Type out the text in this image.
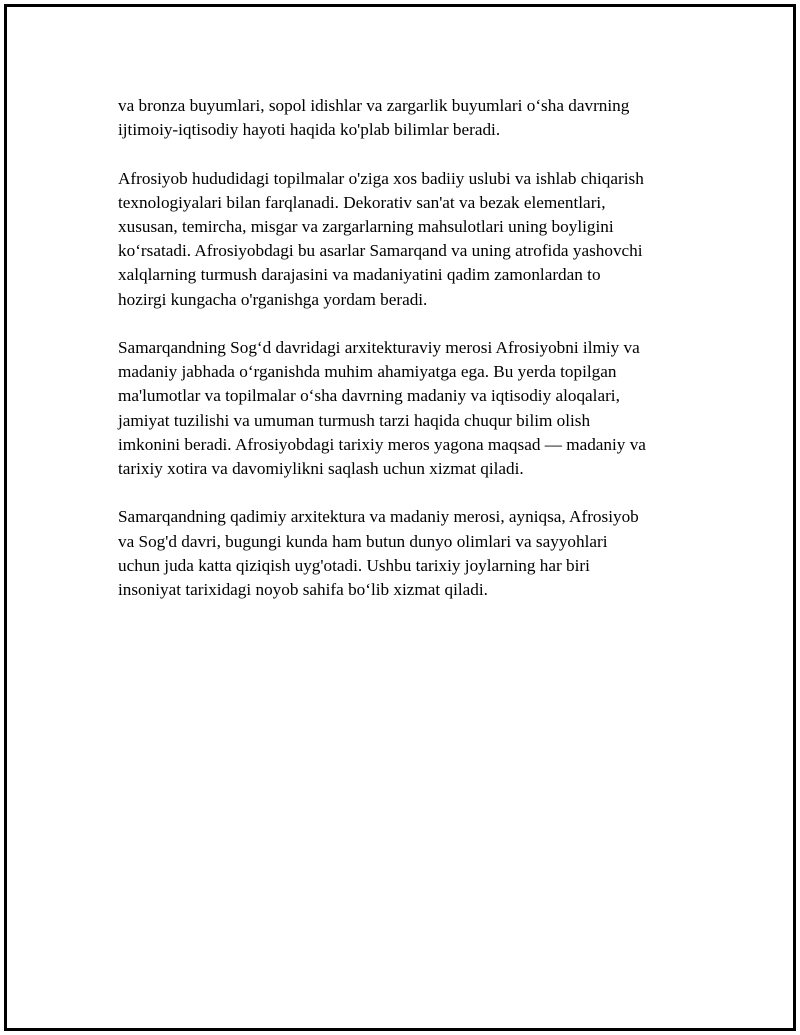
va bronza buyumlari, sopol idishlar va zargarlik buyumlari o‘sha davrning
ijtimoiy-iqtisodiy hayoti haqida ko'plab bilimlar beradi.

Afrosiyob hududidagi topilmalar o'ziga xos badiiy uslubi va ishlab chiqarish
texnologiyalari bilan farqlanadi. Dekorativ san'at va bezak elementlari,
xususan, temircha, misgar va zargarlarning mahsulotlari uning boyligini
ko‘rsatadi. Afrosiyobdagi bu asarlar Samarqand va uning atrofida yashovchi
xalqlarning turmush darajasini va madaniyatini qadim zamonlardan to
hozirgi kungacha o'rganishga yordam beradi.

Samarqandning Sog‘d davridagi arxitekturaviy merosi Afrosiyobni ilmiy va
madaniy jabhada o‘rganishda muhim ahamiyatga ega. Bu yerda topilgan
ma'lumotlar va topilmalar o‘sha davrning madaniy va iqtisodiy aloqalari,
jamiyat tuzilishi va umuman turmush tarzi haqida chuqur bilim olish
imkonini beradi. Afrosiyobdagi tarixiy meros yagona maqsad — madaniy va
tarixiy xotira va davomiylikni saqlash uchun xizmat qiladi.

Samarqandning qadimiy arxitektura va madaniy merosi, ayniqsa, Afrosiyob
va Sog'd davri, bugungi kunda ham butun dunyo olimlari va sayyohlari
uchun juda katta qiziqish uyg'otadi. Ushbu tarixiy joylarning har biri
insoniyat tarixidagi noyob sahifa bo‘lib xizmat qiladi.
